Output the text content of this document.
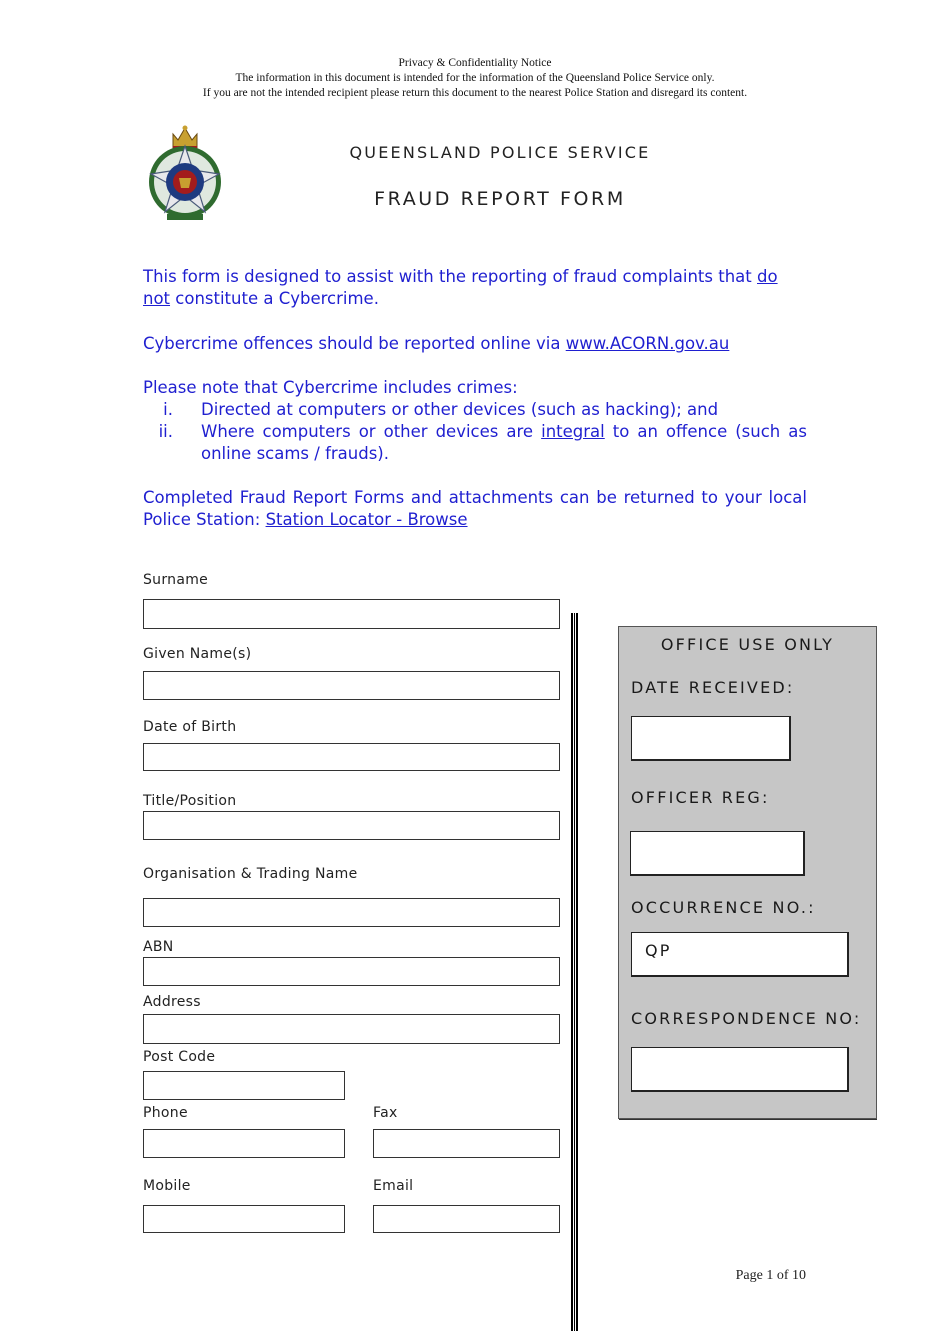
Privacy & Confidentiality Notice
The information in this document is intended for the information of the Queensland Police Service only.
If you are not the intended recipient please return this document to the nearest Police Station and disregard its content.
QUEENSLAND POLICE SERVICE
FRAUD REPORT FORM
This form is designed to assist with the reporting of fraud complaints that do not constitute a Cybercrime.
Cybercrime offences should be reported online via www.ACORN.gov.au
Please note that Cybercrime includes crimes:
i. Directed at computers or other devices (such as hacking); and
ii. Where computers or other devices are integral to an offence (such as online scams / frauds).
Completed Fraud Report Forms and attachments can be returned to your local Police Station: Station Locator - Browse
Surname
Given Name(s)
Date of Birth
Title/Position
Organisation & Trading Name
ABN
Address
Post Code
Phone	Fax
Mobile	Email
OFFICE USE ONLY
DATE RECEIVED:
OFFICER REG:
OCCURRENCE NO.:
QP
CORRESPONDENCE NO:
Page 1 of 10
